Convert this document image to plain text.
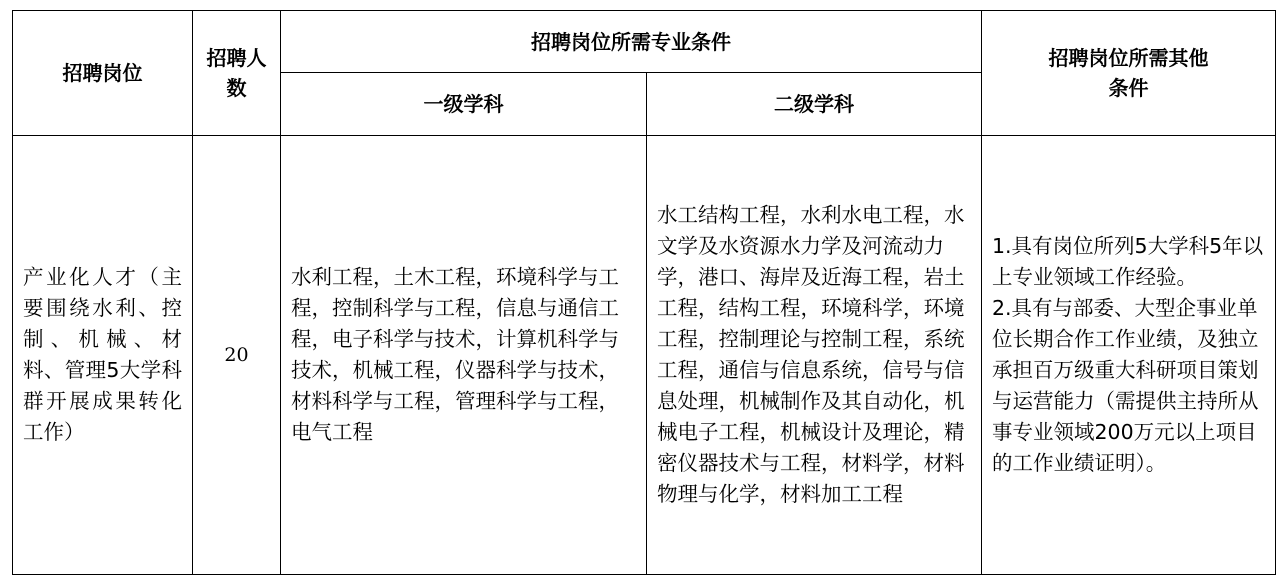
招聘岗位	招聘人数	招聘岗位所需专业条件		招聘岗位所需其他条件
		一级学科	二级学科	
产业化人才（主要围绕水利、控制、机械、材料、管理5大学科群开展成果转化工作）	20	水利工程，土木工程，环境科学与工程，控制科学与工程，信息与通信工程，电子科学与技术，计算机科学与技术，机械工程，仪器科学与技术，材料科学与工程，管理科学与工程，电气工程	水工结构工程，水利水电工程，水文学及水资源水力学及河流动力学，港口、海岸及近海工程，岩土工程，结构工程，环境科学，环境工程，控制理论与控制工程，系统工程，通信与信息系统，信号与信息处理，机械制作及其自动化，机械电子工程，机械设计及理论，精密仪器技术与工程，材料学，材料物理与化学，材料加工工程	1.具有岗位所列5大学科5年以上专业领域工作经验。
2.具有与部委、大型企事业单位长期合作工作业绩，及独立承担百万级重大科研项目策划与运营能力（需提供主持所从事专业领域200万元以上项目的工作业绩证明）。
